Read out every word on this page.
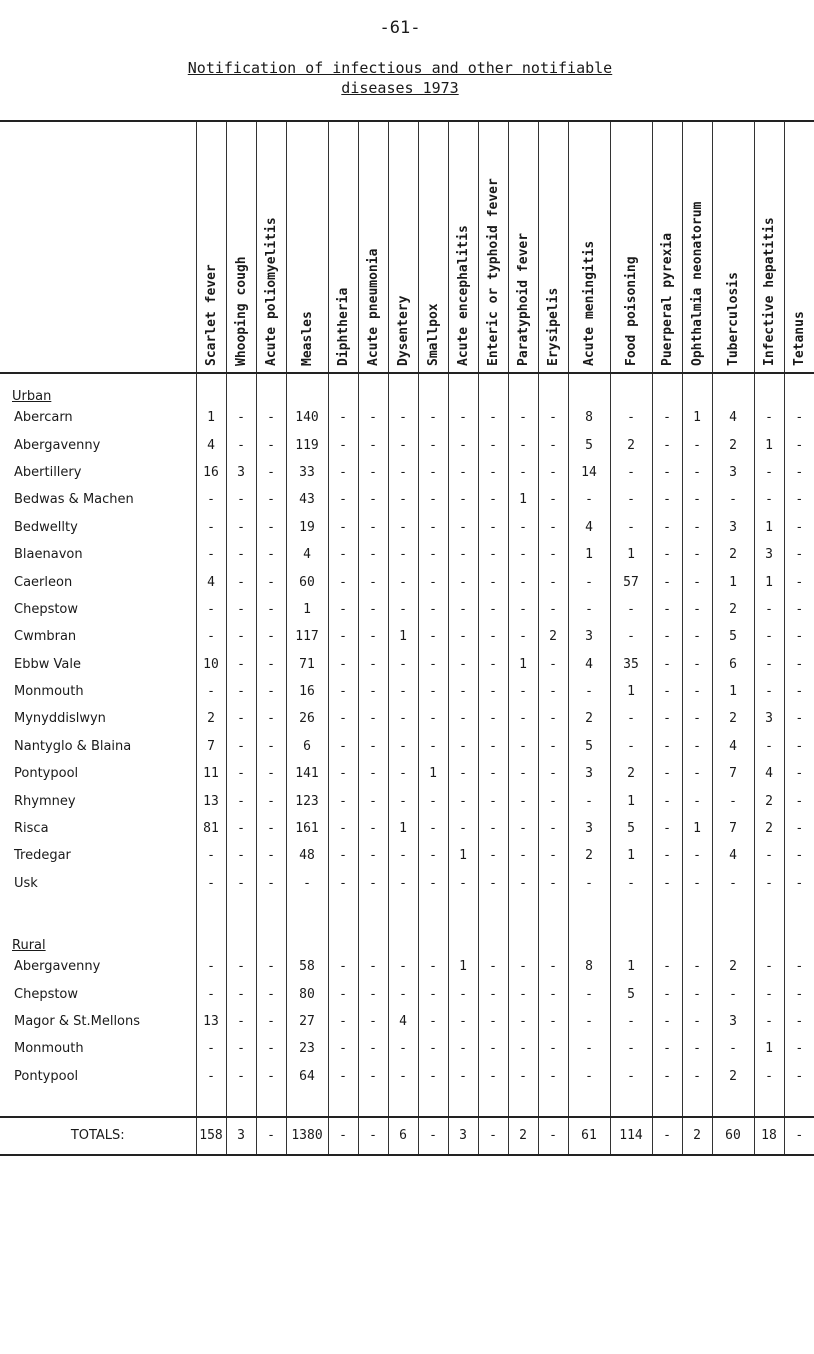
-61-
Notification of infectious and other notifiable
diseases 1973

	Scarlet fever	Whooping cough	Acute poliomyelitis	Measles	Diphtheria	Acute pneumonia	Dysentery	Smallpox	Acute encephalitis	Enteric or typhoid fever	Paratyphoid fever	Erysipelis	Acute meningitis	Food poisoning	Puerperal pyrexia	Ophthalmia neonatorum	Tuberculosis	Infective hepatitis	Tetanus

Urban																			
Abercarn	1	-	-	140	-	-	-	-	-	-	-	-	8	-	-	1	4	-	-
Abergavenny	4	-	-	119	-	-	-	-	-	-	-	-	5	2	-	-	2	1	-
Abertillery	16	3	-	33	-	-	-	-	-	-	-	-	14	-	-	-	3	-	-
Bedwas & Machen	-	-	-	43	-	-	-	-	-	-	1	-	-	-	-	-	-	-	-
Bedwellty	-	-	-	19	-	-	-	-	-	-	-	-	4	-	-	-	3	1	-
Blaenavon	-	-	-	4	-	-	-	-	-	-	-	-	1	1	-	-	2	3	-
Caerleon	4	-	-	60	-	-	-	-	-	-	-	-	-	57	-	-	1	1	-
Chepstow	-	-	-	1	-	-	-	-	-	-	-	-	-	-	-	-	2	-	-
Cwmbran	-	-	-	117	-	-	1	-	-	-	-	2	3	-	-	-	5	-	-
Ebbw Vale	10	-	-	71	-	-	-	-	-	-	1	-	4	35	-	-	6	-	-
Monmouth	-	-	-	16	-	-	-	-	-	-	-	-	-	1	-	-	1	-	-
Mynyddislwyn	2	-	-	26	-	-	-	-	-	-	-	-	2	-	-	-	2	3	-
Nantyglo & Blaina	7	-	-	6	-	-	-	-	-	-	-	-	5	-	-	-	4	-	-
Pontypool	11	-	-	141	-	-	-	1	-	-	-	-	3	2	-	-	7	4	-
Rhymney	13	-	-	123	-	-	-	-	-	-	-	-	-	1	-	-	-	2	-
Risca	81	-	-	161	-	-	1	-	-	-	-	-	3	5	-	1	7	2	-
Tredegar	-	-	-	48	-	-	-	-	1	-	-	-	2	1	-	-	4	-	-
Usk	-	-	-	-	-	-	-	-	-	-	-	-	-	-	-	-	-	-	-

Rural																			
Abergavenny	-	-	-	58	-	-	-	-	1	-	-	-	8	1	-	-	2	-	-
Chepstow	-	-	-	80	-	-	-	-	-	-	-	-	-	5	-	-	-	-	-
Magor & St.Mellons	13	-	-	27	-	-	4	-	-	-	-	-	-	-	-	-	3	-	-
Monmouth	-	-	-	23	-	-	-	-	-	-	-	-	-	-	-	-	-	1	-
Pontypool	-	-	-	64	-	-	-	-	-	-	-	-	-	-	-	-	2	-	-

TOTALS:	158	3	-	1380	-	-	6	-	3	-	2	-	61	114	-	2	60	18	-
